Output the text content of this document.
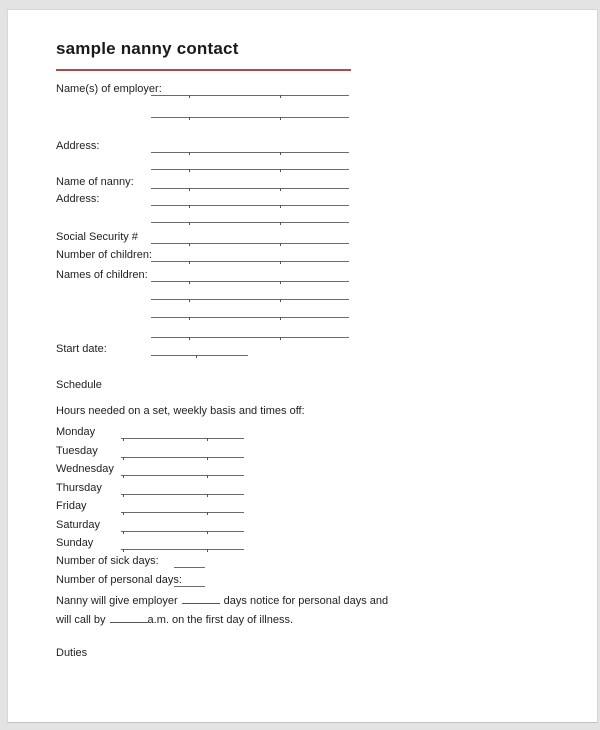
sample nanny contact
Name(s) of employer:
Address:
Name of nanny:
Address:
Social Security #
Number of children:
Names of children:
Start date:
Schedule
Hours needed on a set, weekly basis and times off:
Monday
Tuesday
Wednesday
Thursday
Friday
Saturday
Sunday
Number of sick days:
Number of personal days:
Nanny will give employer	days notice for personal days and
will call by	a.m. on the first day of illness.
Duties
